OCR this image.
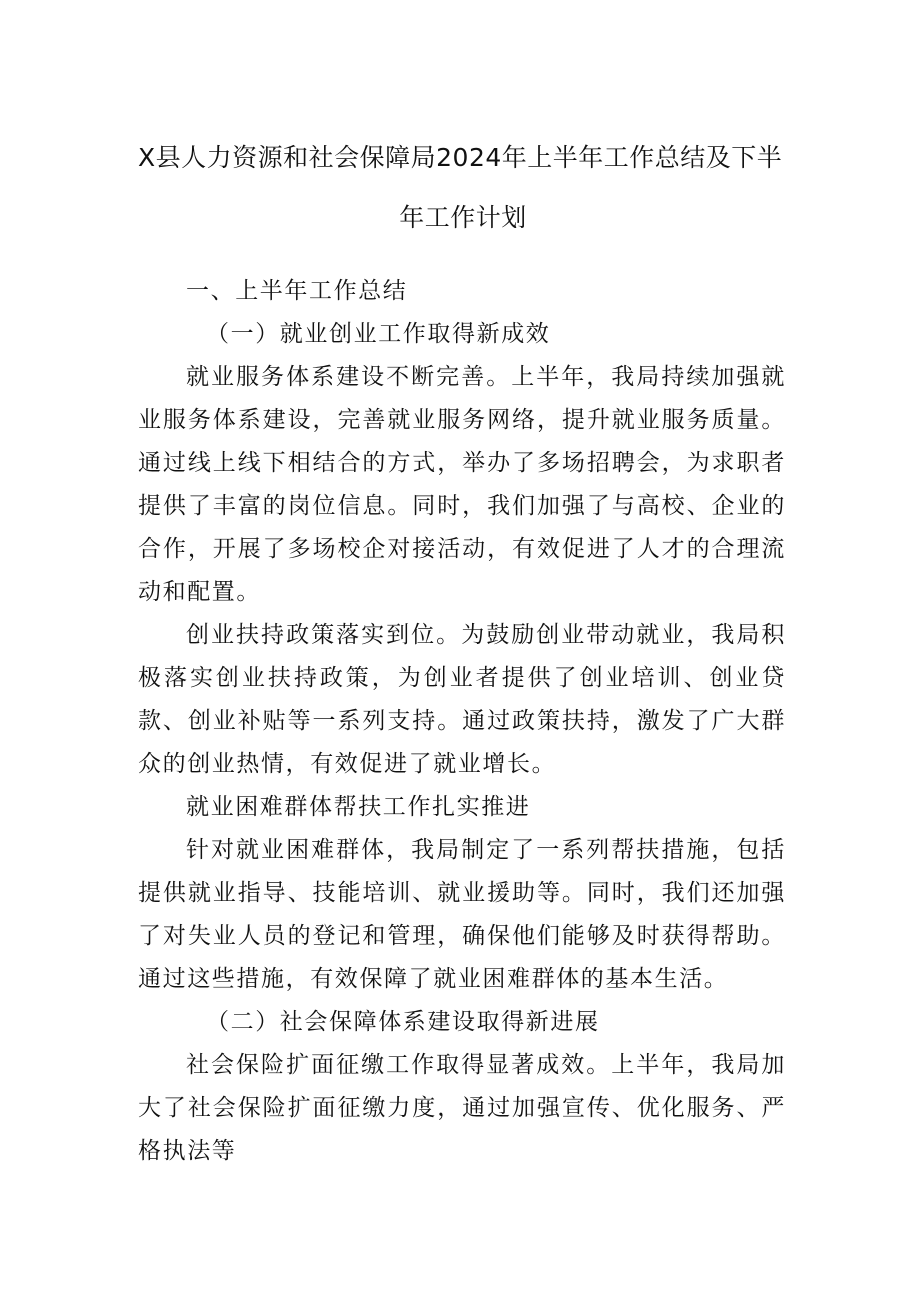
X县人力资源和社会保障局2024年上半年工作总结及下半
年工作计划

一、上半年工作总结

（一）就业创业工作取得新成效

就业服务体系建设不断完善。上半年，我局持续加强就业服务体系建设，完善就业服务网络，提升就业服务质量。通过线上线下相结合的方式，举办了多场招聘会，为求职者提供了丰富的岗位信息。同时，我们加强了与高校、企业的合作，开展了多场校企对接活动，有效促进了人才的合理流动和配置。

创业扶持政策落实到位。为鼓励创业带动就业，我局积极落实创业扶持政策，为创业者提供了创业培训、创业贷款、创业补贴等一系列支持。通过政策扶持，激发了广大群众的创业热情，有效促进了就业增长。

就业困难群体帮扶工作扎实推进

针对就业困难群体，我局制定了一系列帮扶措施，包括提供就业指导、技能培训、就业援助等。同时，我们还加强了对失业人员的登记和管理，确保他们能够及时获得帮助。通过这些措施，有效保障了就业困难群体的基本生活。

（二）社会保障体系建设取得新进展

社会保险扩面征缴工作取得显著成效。上半年，我局加大了社会保险扩面征缴力度，通过加强宣传、优化服务、严格执法等
